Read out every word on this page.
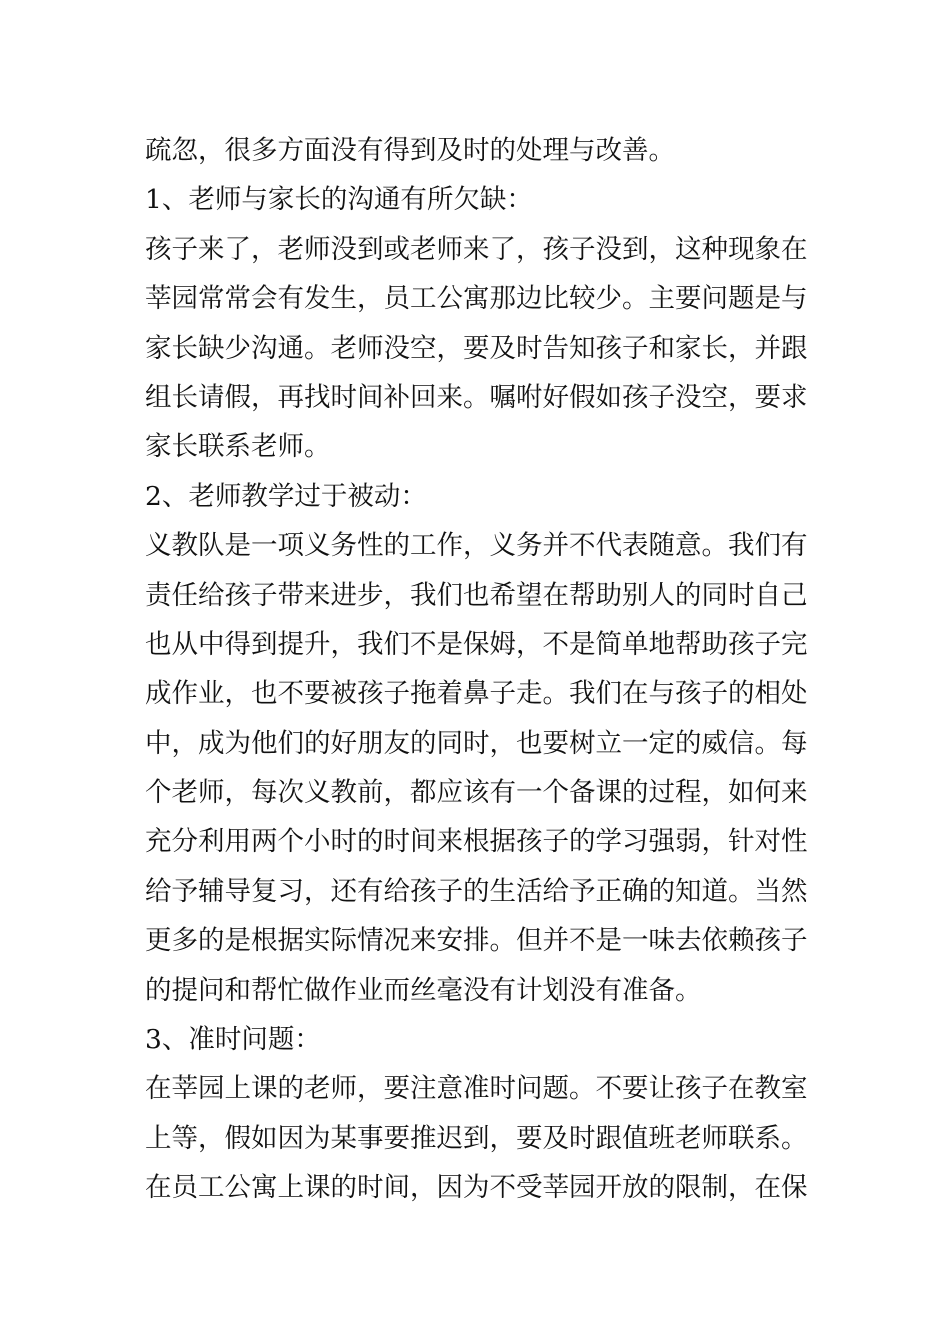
疏忽，很多方面没有得到及时的处理与改善。
1、老师与家长的沟通有所欠缺：
孩子来了，老师没到或老师来了，孩子没到，这种现象在
莘园常常会有发生，员工公寓那边比较少。主要问题是与
家长缺少沟通。老师没空，要及时告知孩子和家长，并跟
组长请假，再找时间补回来。嘱咐好假如孩子没空，要求
家长联系老师。
2、老师教学过于被动：
义教队是一项义务性的工作，义务并不代表随意。我们有
责任给孩子带来进步，我们也希望在帮助别人的同时自己
也从中得到提升，我们不是保姆，不是简单地帮助孩子完
成作业，也不要被孩子拖着鼻子走。我们在与孩子的相处
中，成为他们的好朋友的同时，也要树立一定的威信。每
个老师，每次义教前，都应该有一个备课的过程，如何来
充分利用两个小时的时间来根据孩子的学习强弱，针对性
给予辅导复习，还有给孩子的生活给予正确的知道。当然
更多的是根据实际情况来安排。但并不是一味去依赖孩子
的提问和帮忙做作业而丝毫没有计划没有准备。
3、准时问题：
在莘园上课的老师，要注意准时问题。不要让孩子在教室
上等，假如因为某事要推迟到，要及时跟值班老师联系。
在员工公寓上课的时间，因为不受莘园开放的限制，在保
